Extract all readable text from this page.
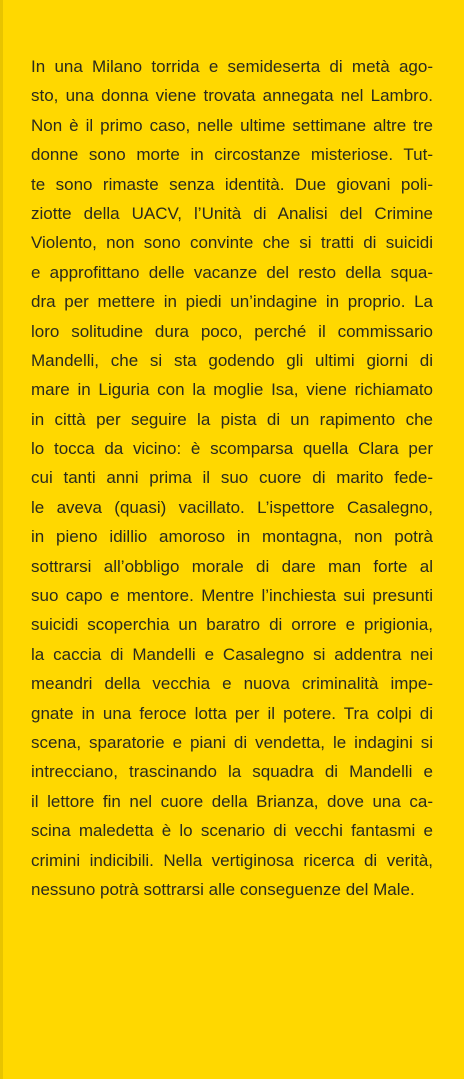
In una Milano torrida e semideserta di metà ago-
sto, una donna viene trovata annegata nel Lambro.
Non è il primo caso, nelle ultime settimane altre tre
donne sono morte in circostanze misteriose. Tut-
te sono rimaste senza identità. Due giovani poli-
ziotte della UACV, l’Unità di Analisi del Crimine
Violento, non sono convinte che si tratti di suicidi
e approfittano delle vacanze del resto della squa-
dra per mettere in piedi un’indagine in proprio. La
loro solitudine dura poco, perché il commissario
Mandelli, che si sta godendo gli ultimi giorni di
mare in Liguria con la moglie Isa, viene richiamato
in città per seguire la pista di un rapimento che
lo tocca da vicino: è scomparsa quella Clara per
cui tanti anni prima il suo cuore di marito fede-
le aveva (quasi) vacillato. L’ispettore Casalegno,
in pieno idillio amoroso in montagna, non potrà
sottrarsi all’obbligo morale di dare man forte al
suo capo e mentore. Mentre l’inchiesta sui presunti
suicidi scoperchia un baratro di orrore e prigionia,
la caccia di Mandelli e Casalegno si addentra nei
meandri della vecchia e nuova criminalità impe-
gnate in una feroce lotta per il potere. Tra colpi di
scena, sparatorie e piani di vendetta, le indagini si
intrecciano, trascinando la squadra di Mandelli e
il lettore fin nel cuore della Brianza, dove una ca-
scina maledetta è lo scenario di vecchi fantasmi e
crimini indicibili. Nella vertiginosa ricerca di verità,
nessuno potrà sottrarsi alle conseguenze del Male.
